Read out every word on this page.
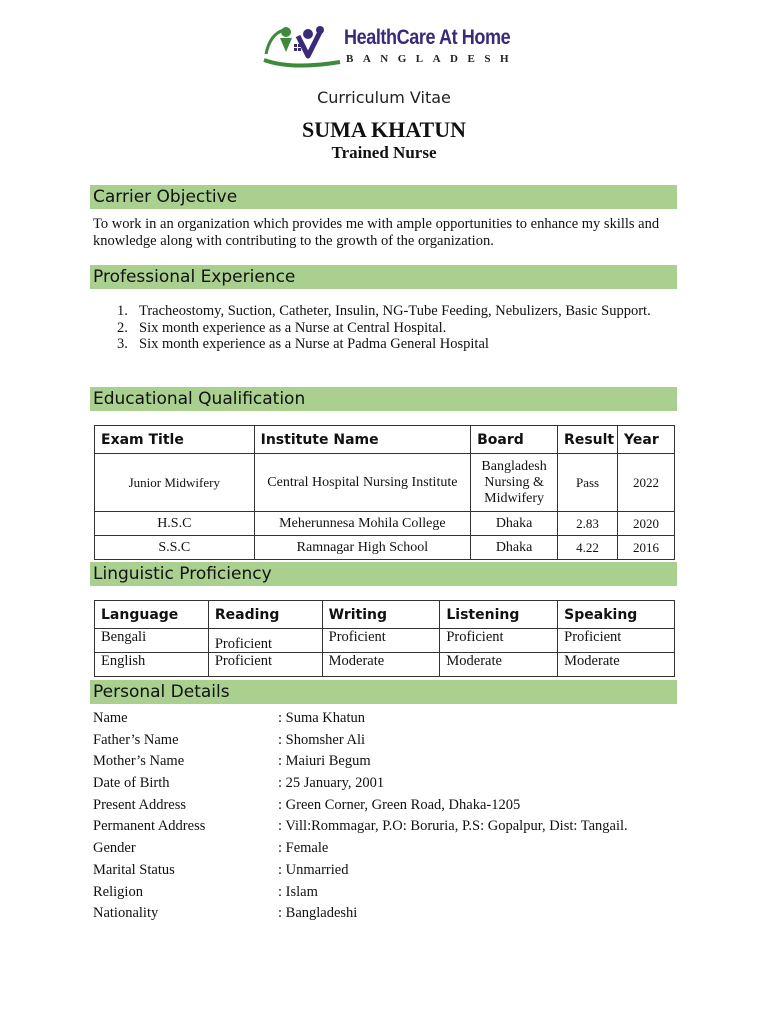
HealthCare At Home
BANGLADESH
Curriculum Vitae
SUMA KHATUN
Trained Nurse
Carrier Objective
To work in an organization which provides me with ample opportunities to enhance my skills and knowledge along with contributing to the growth of the organization.
Professional Experience
1. Tracheostomy, Suction, Catheter, Insulin, NG-Tube Feeding, Nebulizers, Basic Support.
2. Six month experience as a Nurse at Central Hospital.
3. Six month experience as a Nurse at Padma General Hospital
Educational Qualification
Exam Title	Institute Name	Board	Result	Year
Junior Midwifery	Central Hospital Nursing Institute	Bangladesh Nursing & Midwifery	Pass	2022
H.S.C	Meherunnesa Mohila College	Dhaka	2.83	2020
S.S.C	Ramnagar High School	Dhaka	4.22	2016
Linguistic Proficiency
Language	Reading	Writing	Listening	Speaking
Bengali	Proficient	Proficient	Proficient	Proficient
English	Proficient	Moderate	Moderate	Moderate
Personal Details
Name	: Suma Khatun
Father’s Name	: Shomsher Ali
Mother’s Name	: Maiuri Begum
Date of Birth	: 25 January, 2001
Present Address	: Green Corner, Green Road, Dhaka-1205
Permanent Address	: Vill:Rommagar, P.O: Boruria, P.S: Gopalpur, Dist: Tangail.
Gender	: Female
Marital Status	: Unmarried
Religion	: Islam
Nationality	: Bangladeshi
